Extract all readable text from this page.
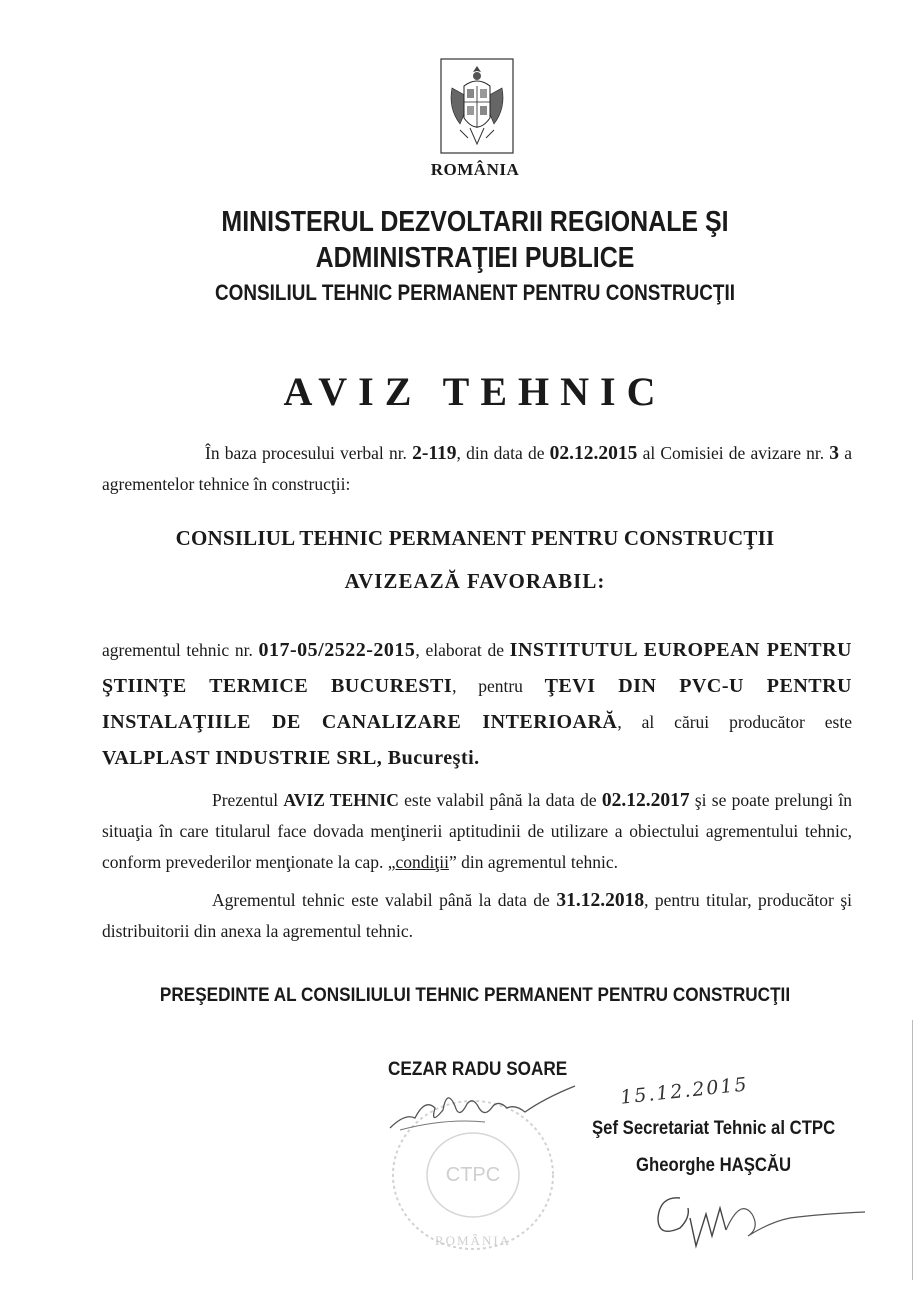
ROMÂNIA
MINISTERUL DEZVOLTARII REGIONALE ŞI
ADMINISTRAŢIEI PUBLICE
CONSILIUL TEHNIC PERMANENT PENTRU CONSTRUCŢII
AVIZ TEHNIC
În baza procesului verbal nr. 2-119, din data de 02.12.2015 al Comisiei de avizare nr. 3 a agrementelor tehnice în construcţii:
CONSILIUL TEHNIC PERMANENT PENTRU CONSTRUCŢII
AVIZEAZĂ FAVORABIL:
agrementul tehnic nr. 017-05/2522-2015, elaborat de INSTITUTUL EUROPEAN PENTRU ŞTIINŢE TERMICE BUCURESTI, pentru ŢEVI DIN PVC-U PENTRU INSTALAŢIILE DE CANALIZARE INTERIOARĂ, al cărui producător este VALPLAST INDUSTRIE SRL, Bucureşti.
Prezentul AVIZ TEHNIC este valabil până la data de 02.12.2017 şi se poate prelungi în situaţia în care titularul face dovada menţinerii aptitudinii de utilizare a obiectului agrementului tehnic, conform prevederilor menţionate la cap. „condiţii” din agrementul tehnic.
Agrementul tehnic este valabil până la data de 31.12.2018, pentru titular, producător şi distribuitorii din anexa la agrementul tehnic.
PREŞEDINTE AL CONSILIULUI TEHNIC PERMANENT PENTRU CONSTRUCŢII
CEZAR RADU SOARE
CTPC
ROMÂNIA
15.12.2015
Şef Secretariat Tehnic al CTPC
Gheorghe HAŞCĂU
